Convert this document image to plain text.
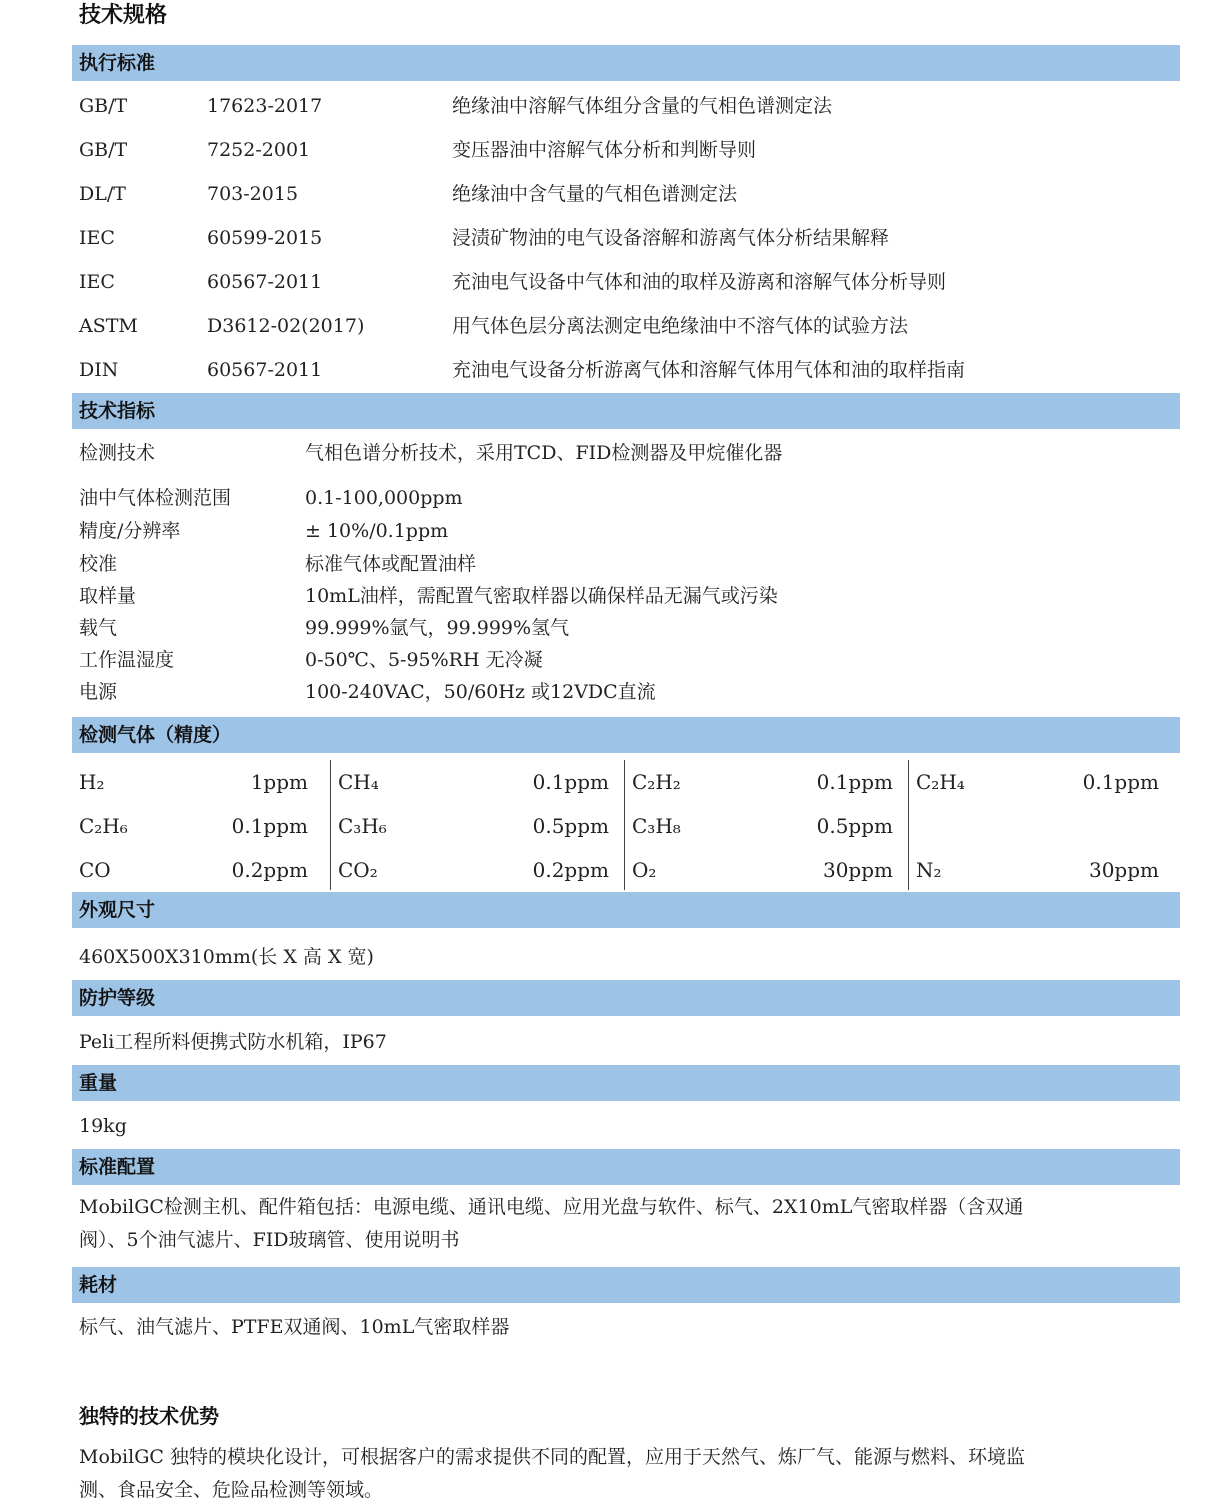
技术规格
执行标准
GB/T	17623-2017	绝缘油中溶解气体组分含量的气相色谱测定法
GB/T	7252-2001	变压器油中溶解气体分析和判断导则
DL/T	703-2015	绝缘油中含气量的气相色谱测定法
IEC	60599-2015	浸渍矿物油的电气设备溶解和游离气体分析结果解释
IEC	60567-2011	充油电气设备中气体和油的取样及游离和溶解气体分析导则
ASTM	D3612-02(2017)	用气体色层分离法测定电绝缘油中不溶气体的试验方法
DIN	60567-2011	充油电气设备分析游离气体和溶解气体用气体和油的取样指南
技术指标
检测技术	气相色谱分析技术，采用TCD、FID检测器及甲烷催化器
油中气体检测范围	0.1-100,000ppm
精度/分辨率	± 10%/0.1ppm
校准	标准气体或配置油样
取样量	10mL油样，需配置气密取样器以确保样品无漏气或污染
载气	99.999%氩气，99.999%氢气
工作温湿度	0-50℃、5-95%RH 无冷凝
电源	100-240VAC，50/60Hz 或12VDC直流
检测气体（精度）
H₂	1ppm CH₄	0.1ppm C₂H₂	0.1ppm C₂H₄	0.1ppm
C₂H₆	0.1ppm C₃H₆	0.5ppm C₃H₈	0.5ppm
CO	0.2ppm CO₂	0.2ppm O₂	30ppm N₂	30ppm
外观尺寸
460X500X310mm(长 X 高 X 宽)
防护等级
Peli工程所料便携式防水机箱，IP67
重量
19kg
标准配置
MobilGC检测主机、配件箱包括：电源电缆、通讯电缆、应用光盘与软件、标气、2X10mL气密取样器（含双通
阀）、5个油气滤片、FID玻璃管、使用说明书
耗材
标气、油气滤片、PTFE双通阀、10mL气密取样器
独特的技术优势
MobilGC 独特的模块化设计，可根据客户的需求提供不同的配置，应用于天然气、炼厂气、能源与燃料、环境监
测、食品安全、危险品检测等领域。
